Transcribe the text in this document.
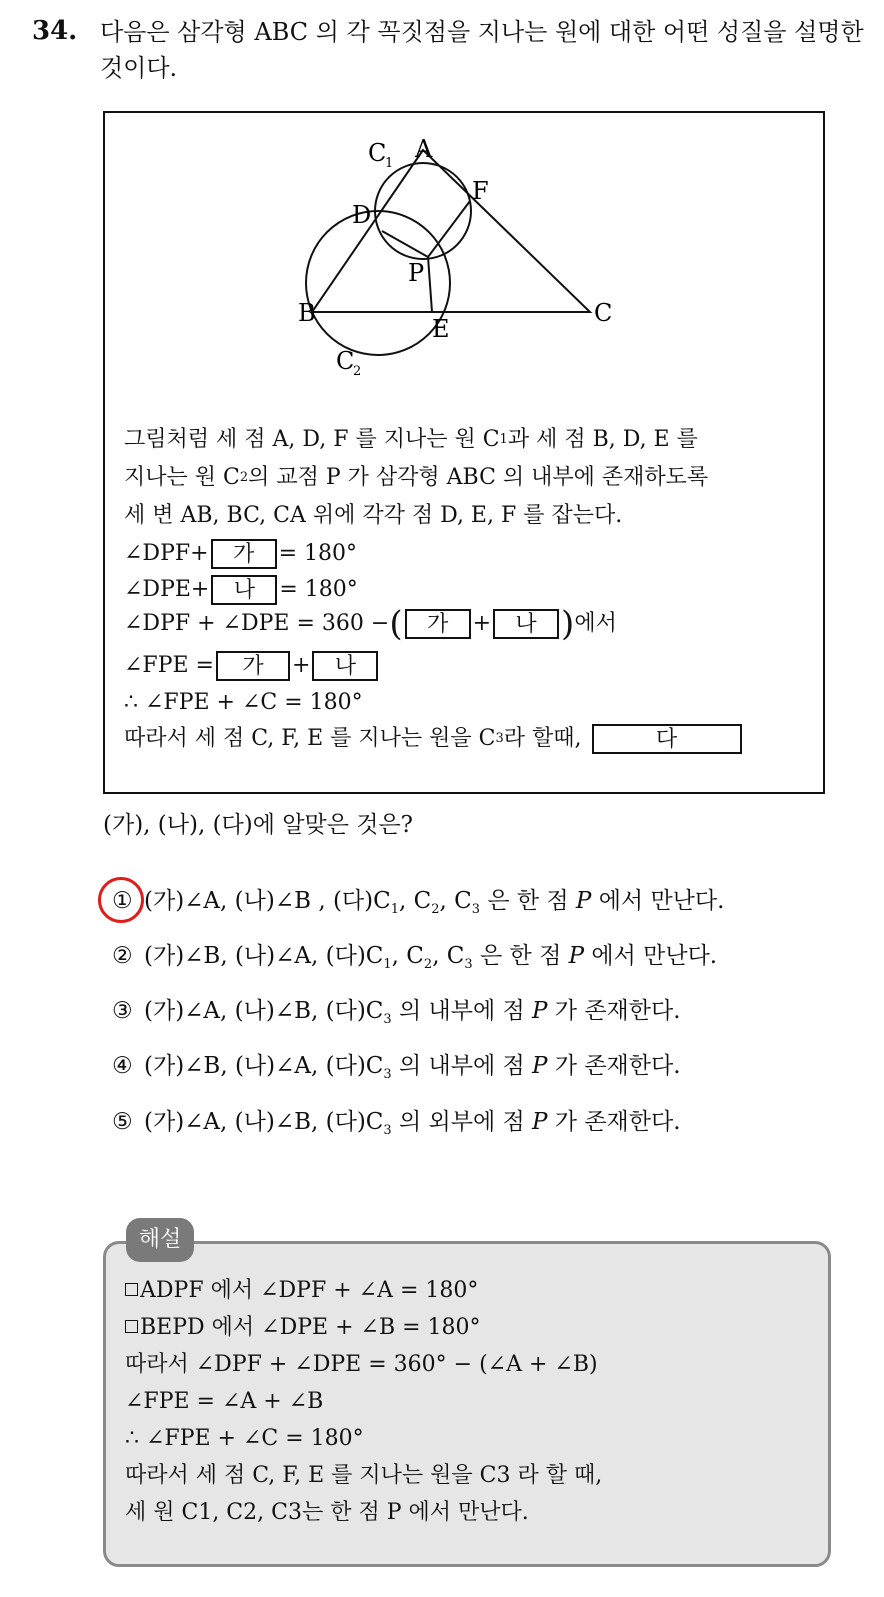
34. 다음은 삼각형 ABC 의 각 꼭짓점을 지나는 원에 대한 어떤 성질을 설명한 것이다.
C
1
A
F
D
P
B
E
C
C
2
그림처럼 세 점 A, D, F 를 지나는 원 C 1 과 세 점 B, D, E 를
지나는 원 C 2 의 교점 P 가 삼각형 ABC 의 내부에 존재하도록
세 변 AB, BC, CA 위에 각각 점 D, E, F 를 잡는다.
∠DPF+	가	= 180°
∠DPE+	나	= 180°
∠DPF + ∠DPE = 360 − (	가	+	나 ) 에서
∠FPE =	가	+	나
∴ ∠FPE + ∠C = 180°
따라서 세 점 C, F, E 를 지나는 원을 C 3 라 할때,	다
(가), (나), (다)에 알맞은 것은?
① (가)∠A, (나)∠B , (다)$C_1$, $C_2$, $C_3$ 은 한 점 P 에서 만난다.
② (가)∠B, (나)∠A, (다)$C_1$, $C_2$, $C_3$ 은 한 점 P 에서 만난다.
③ (가)∠A, (나)∠B, (다)$C_3$ 의 내부에 점 P 가 존재한다.
④ (가)∠B, (나)∠A, (다)$C_3$ 의 내부에 점 P 가 존재한다.
⑤ (가)∠A, (나)∠B, (다)$C_3$ 의 외부에 점 P 가 존재한다.
해설
ADPF 에서 ∠DPF + ∠A = 180°
BEPD 에서 ∠DPE + ∠B = 180°
따라서 ∠DPF + ∠DPE = 360° − (∠A + ∠B)
∠FPE = ∠A + ∠B
∴ ∠FPE + ∠C = 180°
따라서 세 점 C, F, E 를 지나는 원을 C3 라 할 때,
세 원 C1, C2, C3는 한 점 P 에서 만난다.
